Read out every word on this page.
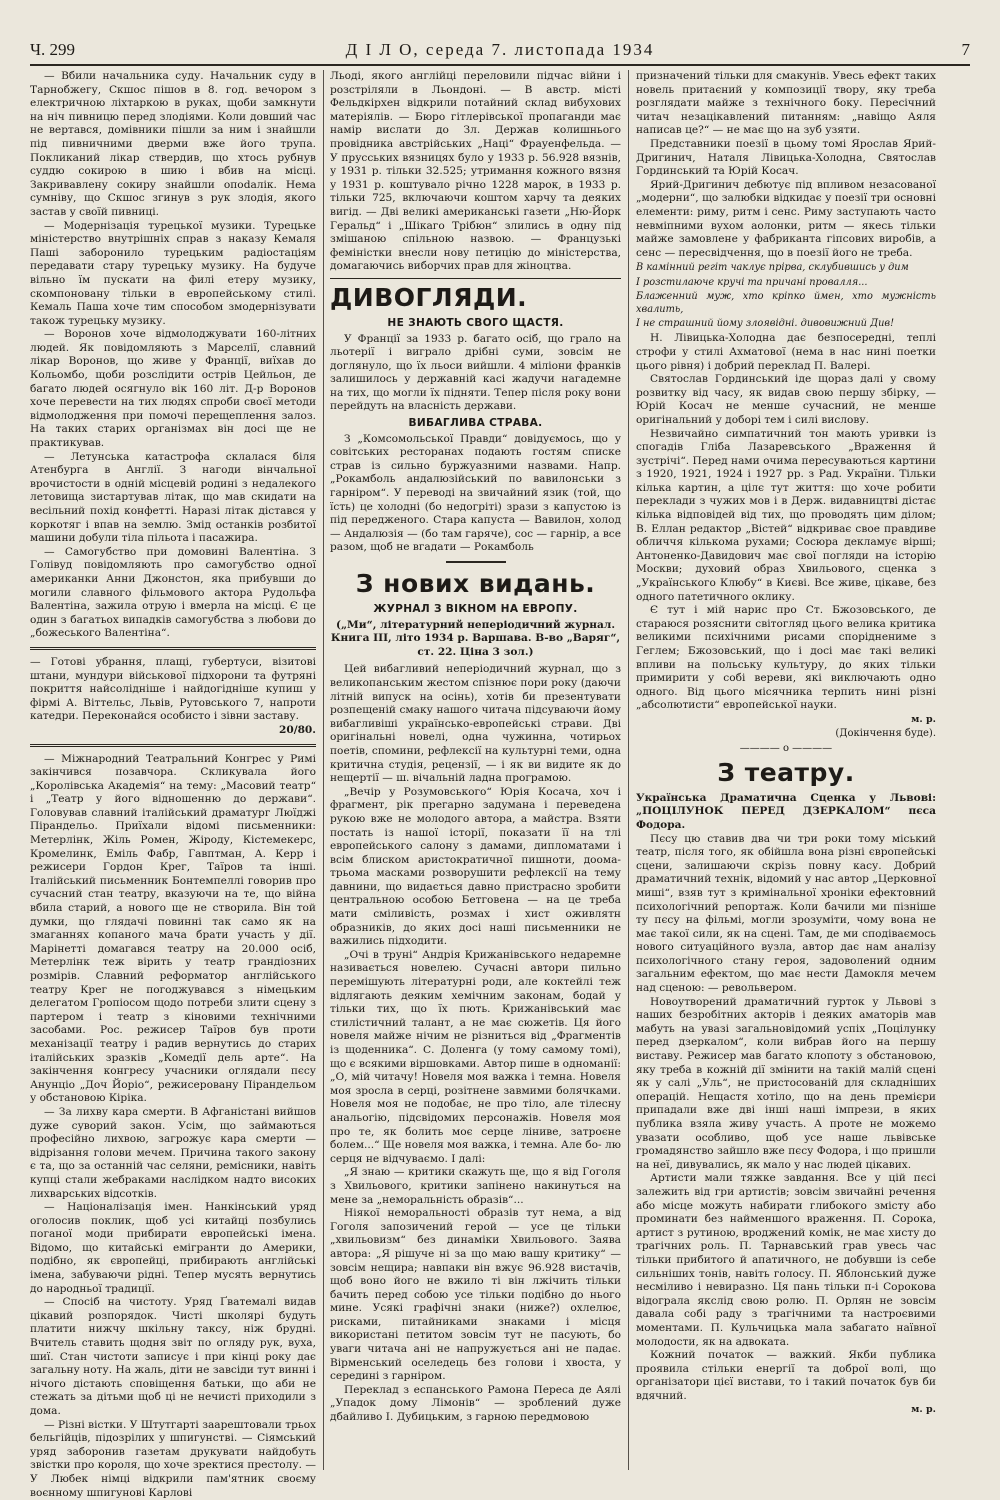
Ч. 299	Д І Л О, середа 7. листопада 1934	7

— Вбили начальника суду. Начальник суду в Тарнобжегу, Скшос пішов в 8. год. вечором з електричною ліхтаркою в руках, щоби замкнути на ніч пивницю перед злодіями. Коли довший час не вертався, домівники пішли за ним і знайшли під пивничними дверми вже його трупа. Покликаний лікар ствердив, що хтось рубнув суддю сокирою в шию і вбив на місці. Закривавлену сокиру знайшли опodaлік. Нема сумніву, що Скшос згинув з рук злодія, якого застав у своїй пивниці.

— Модернізація турецької музики. Турецьке міністерство внутрішніх справ з наказу Кемаля Паші заборонило турецьким радіостаціям передавати стару турецьку музику. На будуче вільно їм пускати на филі етеру музику, скомпоновану тільки в европейському стилі. Кемаль Паша хоче тим способом змодернізувати також турецьку музику.

— Воронов хоче відмолоджувати 160-літних людей. Як повідомляють з Марселії, славний лікар Воронов, що живе у Франції, виїхав до Кольомбо, щоби розслідити острів Цейльон, де багато людей осягнуло вік 160 літ. Д-р Воронов хоче перевести на тих людях спрoби своєї методи відмолодження при помочі перещеплення залоз. На таких старих організмах він досі ще не практикував.

— Летунська катастрофа склалася біля Атенбурга в Англії. З нагоди вінчальної врочистости в одній місцевій родині з недалекого летовища зистартував літак, що мав скидати на весільний похід конфетті. Наразі літак дістався у коркотяг і впав на землю. Змід останків розбитої машини добули тіла пільота і пасажира.

— Самогубство при домовині Валентіна. З Голівуд повідомляють про самогубство одної американки Анни Джонстон, яка прибувши до могили славного фільмового актора Рудольфа Валентіна, зажила отрую і вмерла на місці. Є це один з багатьох випадків самогубства з любови до „божеського Валентіна“.

— Готові убрання, плащі, губертуси, візитові штани, мундури військової підхорони та футряні покриття найсолідніше і найдогідніше купиш у фірмі А. Віттельс, Львів, Рутовського 7, напроти катедри. Переконайся особисто і зівни заставу.

20/80.

— Міжнародний Театральний Конгрес у Римі закінчився позавчора. Скликувала його „Королівська Академія“ на тему: „Масовий театр“ і „Театр у його відношенню до держави“. Головував славний італійський драматург Люїджі Пірандельо. Приїхали відомі письменники: Метерлінк, Жіль Ромен, Жіроду, Кістемекерс, Кромелинк, Еміль Фабр, Гавптман, А. Керр і режисери Гордон Крег, Таїров та інші. Італійський письменник Бонтемпеллі говорив про сучасний стан театру, вказуючи на те, що війна вбила старий, а нового ще не створила. Він той думки, що глядачі повинні так само як на змаганнях копаного мача брати участь у дії. Марінетті домагався театру на 20.000 осіб, Метерлінк теж вірить у театр грандіозних розмірів. Славний реформатор англійського театру Крег не погоджувався з німецьким делегатом Гропіосом щодо потреби злити сцену з партером і театр з кіновими технічними засобами. Рос. режисер Таїров був проти механізації театру і радив вернутись до старих італійських зразків „Комедії дель арте“. На закінчення конгресу учасники оглядали пєсу Анунціо „Доч Йоріо“, режисеровану Пірандельом у обстановою Кіріка.

— За лихву кара смерти. В Афганістані вийшов дуже суворий закон. Усім, що займаються професійно лихвою, загрожує кара смерти — відрізання голови мечем. Причина такого закону є та, що за останній час селяни, ремісники, навіть купці стали жебраками наслідком надто високих лихварських відсотків.

— Націоналізація імен. Нанкінський уряд оголосив поклик, щоб усі китайці позбулись поганої моди прибирати европейські імена. Відомо, що китайські емігранти до Америки, подібно, як європейці, прибирають англійські імена, забуваючи рідні. Тепер мусять вернутись до народньої традиції.

— Спосіб на чистоту. Уряд Ґватемалі видав цікавий розпорядок. Чисті школярі будуть платити нижчу шкільну таксу, ніж брудні. Вчитель ставить щодня звіт по огляду рук, вуха, шиї. Стан чистоти записує і при кінці року дає загальну ноту. На жаль, діти не завсіди тут винні і нічого дістають сповіщення батьки, що аби не стежать за дітьми щоб ці не нечисті приходили з дома.

— Різні вістки. У Штутгарті заарештовали трьох бельгійців, підозрілих у шпигунстві. — Сіямський уряд заборонив газетам друкувати найдобуть звістки про короля, що хоче зректися престолу. — У Любек німці відкрили пам'ятник своєму воєнному шпигунові Карлові

Льоді, якого англійці переловили підчас війни і розстріляли в Льондоні. — В австр. місті Фельдкірхен відкрили потайний склад вибухових матеріялів. — Бюро гітлерівської пропаганди має намір вислати до Зл. Держав колишнього провідника австрійських „Наці“ Фрауенфельда. — У прусських вязницях було у 1933 р. 56.928 вязнів, у 1931 р. тільки 32.525; утримання кожного вязня у 1931 р. коштувало річно 1228 марок, в 1933 р. тільки 725, включаючи коштом харчу та деяких вигід. — Дві великі американські газети „Ню-Йорк Геральд“ і „Шікаго Трібюн“ злились в одну під змішаною спільною назвою. — Французькі феміністки внесли нову петицію до міністерства, домагаючись виборчих прав для жіноцтва.

ДИВОГЛЯДИ.
НЕ ЗНАЮТЬ СВОГО ЩАСТЯ.

У Франції за 1933 р. багато осіб, що грало на льотерії і виграло дрібні суми, зовсім не доглянуло, що їх льоси вийшли. 4 міліони франків залишилось у державній касі жадучи нагадемне на тих, що могли їх підняти. Тепер після року вони перейдуть на власність держави.

ВИБАГЛИВА СТРАВА.

З „Комсомольської Правди“ довідуємось, що у совітських ресторанах подають гостям списке страв із сильно буржуазними назвами. Напр. „Рокамболь андалюзійський по вавилонськи з гарніром“. У переводі на звичайний язик (той, що їсть) це холодні (бо недогріті) зрази з капустою із під передженого. Стара капуста — Вавилон, холод — Андалюзія — (бо там гаряче), сос — гарнір, а все разом, щоб не вгадати — Рокамболь

З нових видань.
ЖУРНАЛ З ВІКНОМ НА ЕВРОПУ.
(„Ми“, літературний неперіодичний журнал. Книга III, літо 1934 р. Варшава. В-во „Варяг“, ст. 22. Ціна 3 зол.)

Цей вибагливий неперіодичний журнал, що з великопанським жестом спізнює пори року (даючи літній випуск на осінь), хотів би презентувати розпещеній смаку нашого читача підсуваючи йому вибагливіші українсько-европейські страви. Дві оригінальні новелі, одна чужинна, чотирьох поетів, спомини, рефлексії на культурні теми, одна критична студія, рецензії, — і як ви видите як до нещертії — ш. вічальній ладна програмою.

„Вечір у Розумовського“ Юрія Косача, хоч і фрагмент, рік прегарно задумана і переведена рукою вже не молодого автора, а майстра. Взяти постать із нашої історії, показати її на тлі европейського салону з дамами, дипломатами і всім блиском аристократичної пишноти, доома-трьома масками розворушити рефлексії на тему давнини, що видається давно пристрасно зробити центральною особою Бетговена — на це треба мати сміливість, розмах і хист оживлятн образників, до яких досі наші письменники не важились підходити.

„Очі в труні“ Андрія Крижанівського недаремне називається новелею. Сучасні автори пильно перемішують літературні роди, але коктейлі теж відлягають деяким хемічним законам, бодай у тільки тих, що їх пють. Крижанівський має стилістичний талант, а не має сюжетів. Ця його новеля майже нічим не різниться від „Фрагментів із щоденника“. С. Доленга (у тому самому томі), що є всякими віршовками. Автор пише в одноманії: „О, мій читачу! Новеля моя важка і темна. Новеля моя зросла в серці, розітнене завмими болячками. Новеля моя не подобає, не про тіло, але тілесну анальогію, підсвідомих персонажів. Новеля моя про те, як болить моє серце ліниве, затроєне болем...“ Ще новеля моя важка, і темна. Але бо- лю серця не відчуваємо. І далі:

„Я знаю — критики скажуть ще, що я від Гоголя з Хвильового, критики запінено накинуться на мене за „неморальність образів“...

Ніякої неморальності образів тут нема, а від Гоголя запозичений герой — усе це тільки „хвильовизм“ без динаміки Хвильового. Заява автора: „Я рішуче ні за що маю вашу критику“ — зовсім нещира; навпаки він вжує 96.928 вистачів, щоб воно його не вжило ті він лжічить тільки бачить перед собою усе тільки подібно до нього мине. Усякі графічні знаки (ниже?) охлелює, рисками, питайниками знаками і місця використані петитом зовсім тут не пасують, бо уваги читача ані не напружується ані не падає. Вірменський оселедець без голови і хвоста, у середині з гарніром.

Переклад з еспанського Рамона Переса де Аялі „Упадок дому Лімонів“ — зроблений дуже дбайливо І. Дубицьким, з гарною передмовою

призначений тільки для смакунів. Увесь ефект таких новель притаєний у композиції твору, яку треба розглядати майже з технічного боку. Пересічний читач незацікавлений питанням: „навіщо Аяля написав це?“ — не має що на зуб узяти.

Представники поезії в цьому томі Ярослав Ярий-Дригинич, Наталя Лівицька-Холодна, Святослав Гординський та Юрій Косач.

Ярий-Дригинич дебютує під впливом незасованої „модерни“, що залюбки відкидає у поезії три основні елементи: риму, ритм і сенс. Риму заступають часто невміпними вухом аолонки, ритм — якесь тільки майже замовлене у фабриканта гіпсових виробів, а сенс — пересвідчення, що в поезії його не треба.

В камінний регіт чаклує прірва, склубившись у дим

І розстилаюче кручі та причані провалля...

Блаженний муж, хто кріпко ймен, хто мужність хвалить,

І не страшний йому злоявідні. дивовижний Див!

Н. Лівицька-Холодна дає безпосередні, теплі строфи у стилі Ахматової (нема в нас нині поетки цього рівня) і добрий переклад П. Валері.

Святослав Гординський іде щораз далі у свому розвитку від часу, як видав свою першу збірку, — Юрій Косач не менше сучасний, не менше оригінальний у доборі тем і силі вислову.

Незвичайно симпатичний тон мають уривки із спогадів Гліба Лазаревського „Враження й зустрічі“. Перед нами очима пересуваються картини з 1920, 1921, 1924 і 1927 рр. з Рад. України. Тільки кілька картин, а цілє тут життя: що хоче робити переклади з чужих мов і в Держ. видавництві дістає кілька відповідей від тих, що проводять цим ділом; В. Еллан редактор „Вістей“ відкриває свое правдиве обличчя кількома рухами; Сосюра декламує вірші; Антоненко-Давидович має свої погляди на історію Москви; духовий образ Хвильового, сценка з „Українського Клюбу“ в Києві. Все живе, цікаве, без одного патетичного оклику.

Є тут і мій нарис про Ст. Бжозовського, де стараюся розяснити світогляд цього велика критика великими психічними рисами споріднениме з Геглем; Бжозовський, що і досі має такі великі впливи на польську культуру, до яких тільки примирити у собі вереви, які виключають одно одного. Від цього місячника терпить нині різні „абсолютисти“ европейської науки.

м. р.
(Докінчення буде).
———— o ————
З театру.

Українська Драматична Сценка у Львові: „ПОЦІЛУНОК ПЕРЕД ДЗЕРКАЛОМ“ пєса Фодора.

Пєсу цю ставив два чи три роки тому міський театр, після того, як обійшла вона різні європейські сцени, залишаючи скрізь повну касу. Добрий драматичний технік, відомий у нас автор „Церковної миші“, взяв тут з кримінальної хроніки ефектовний психологічний репортаж. Коли бачили ми пізніше ту пєсу на фільмі, могли зрозуміти, чому вона не має такої сили, як на сцені. Там, де ми сподіваємось нового ситуаційного вузла, автор дає нам аналізу психологічного стану героя, задоволений одним загальним ефектом, що має нести Дамокля мечем над сценою: — револьвером.

Новоутворений драматичний гурток у Львові з наших безробітних акторів і деяких аматорів мав мабуть на увазі загальновідомий успіх „Поцілунку перед дзеркалом“, коли вибрав його на першу виставу. Режисер мав багато клопоту з обстановою, яку треба в кожній дії змінити на такій малій сцені як у салі „Уль“, не пристосованій для складніших операцій. Нещастя хотіло, що на день премієри припадали вже дві інші наші імпрези, в яких публика взяла живу участь. А проте не можемо увазати особливо, щоб усе наше львівське громадянство зайшло вже пєсу Фодора, і що пришли на неї, дивувались, як мало у нас людей цікавих.

Артисти мали тяжке завдання. Все у цій пєсі залежить від гри артистів; зовсім звичайні речення або місце можуть набирати глибокого змісту або проминати без найменшого враження. П. Сорока, артист з рутиною, вроджений комік, не має хисту до трагічних роль. П. Тарнавський грав увесь час тільки прибитого й апатичного, не добувши із себе сильніших тонів, навіть голосу. П. Яблонський дуже несміливо і невиразно. Ця пань тільки п-і Сорокова відограла якслід свою ролю. П. Орлян не зовсім давала собі раду з трагічними та настроєвими моментами. П. Кульчицька мала забагато наївної молодости, як на адвоката.

Кожний початок — важкий. Якби публика проявила стільки енергії та доброї волі, що організатори цієї вистави, то і такий початок був би вдячний.

м. р.
